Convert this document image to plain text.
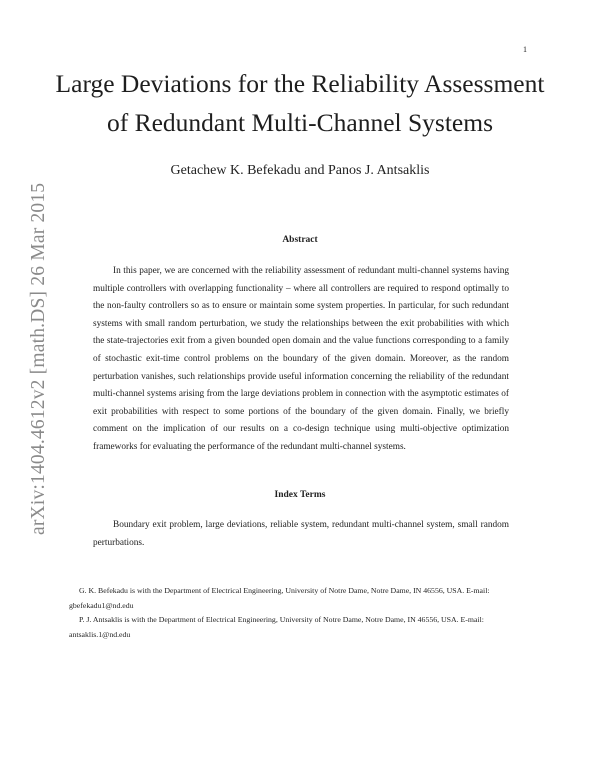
1
arXiv:1404.4612v2 [math.DS] 26 Mar 2015
Large Deviations for the Reliability Assessment
of Redundant Multi-Channel Systems
Getachew K. Befekadu and Panos J. Antsaklis
Abstract

In this paper, we are concerned with the reliability assessment of redundant multi-channel systems having multiple controllers with overlapping functionality – where all controllers are required to respond optimally to the non-faulty controllers so as to ensure or maintain some system properties. In particular, for such redundant systems with small random perturbation, we study the relationships between the exit probabilities with which the state-trajectories exit from a given bounded open domain and the value functions corresponding to a family of stochastic exit-time control problems on the boundary of the given domain. Moreover, as the random perturbation vanishes, such relationships provide useful information concerning the reliability of the redundant multi-channel systems arising from the large deviations problem in connection with the asymptotic estimates of exit probabilities with respect to some portions of the boundary of the given domain. Finally, we briefly comment on the implication of our results on a co-design technique using multi-objective optimization frameworks for evaluating the performance of the redundant multi-channel systems.

Index Terms

Boundary exit problem, large deviations, reliable system, redundant multi-channel system, small random perturbations.

G. K. Befekadu is with the Department of Electrical Engineering, University of Notre Dame, Notre Dame, IN 46556, USA. E-mail: gbefekadu1@nd.edu

P. J. Antsaklis is with the Department of Electrical Engineering, University of Notre Dame, Notre Dame, IN 46556, USA. E-mail: antsaklis.1@nd.edu
